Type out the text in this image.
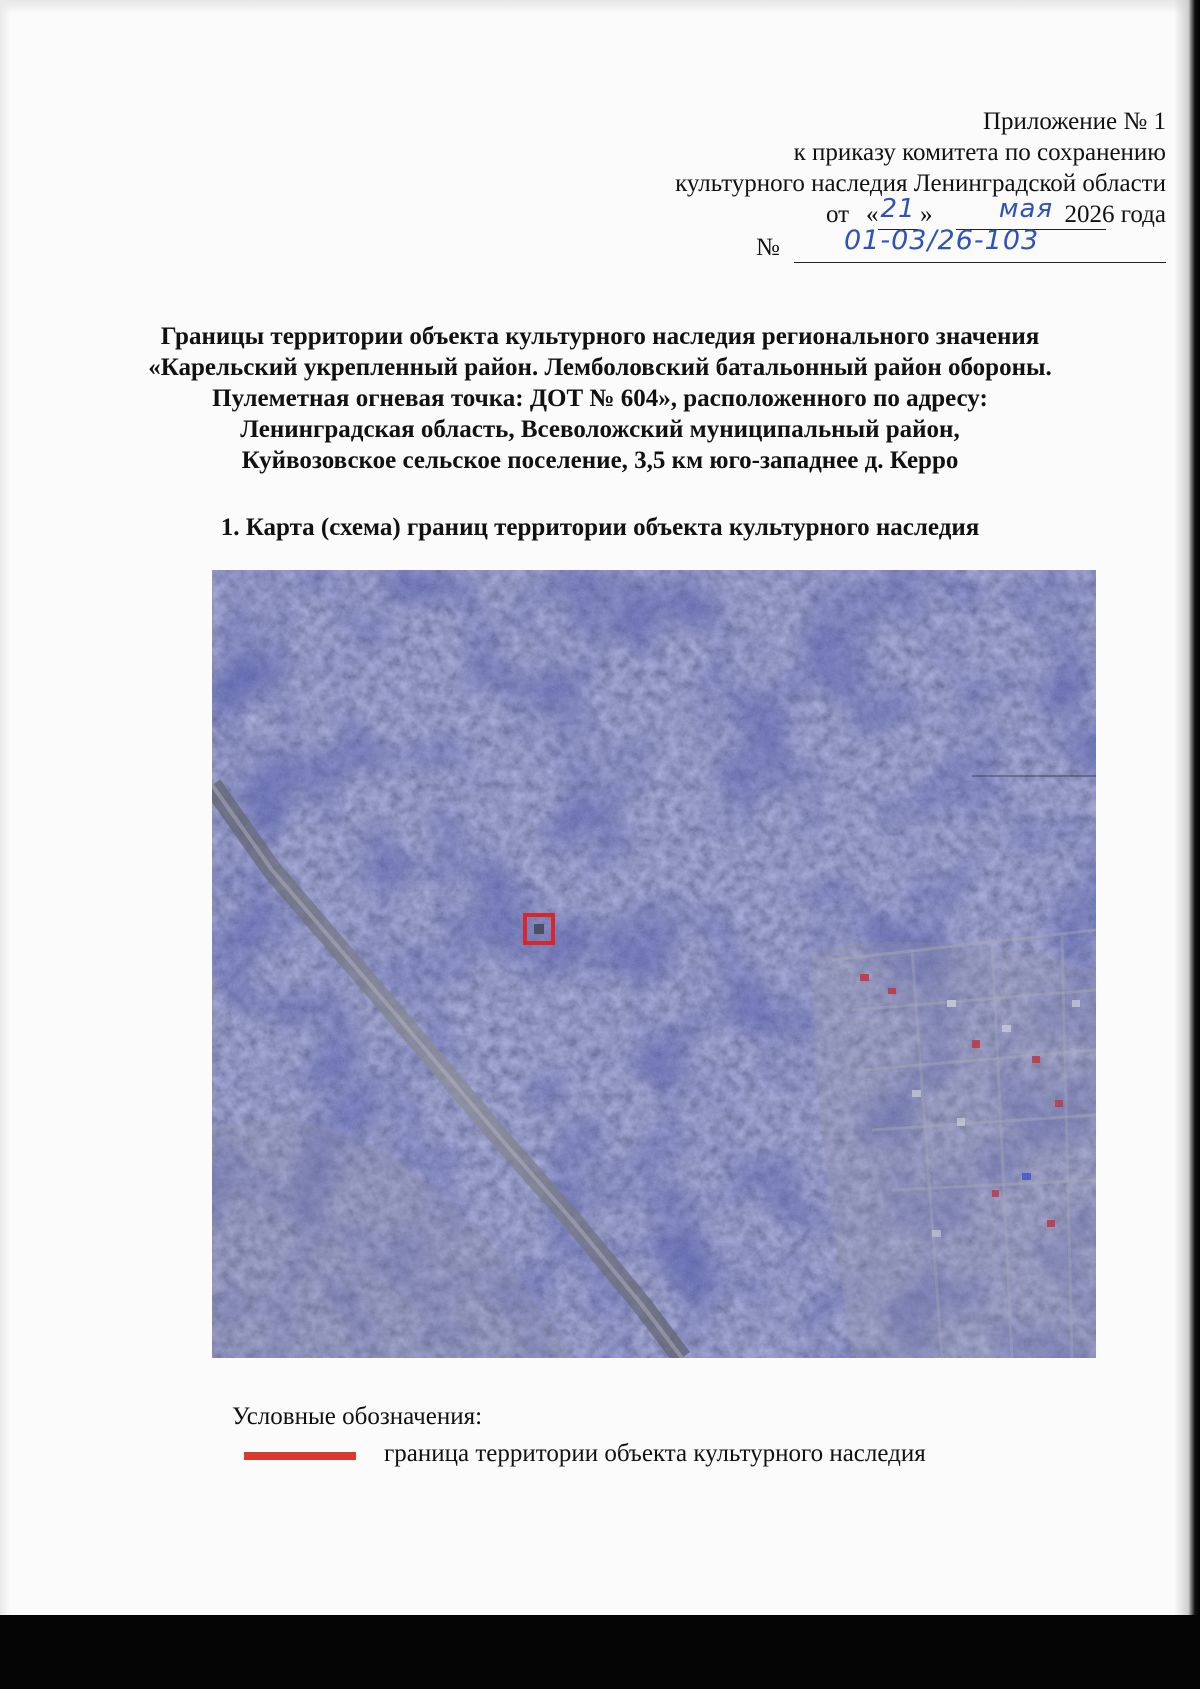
Приложение № 1
к приказу комитета по сохранению
культурного наследия Ленинградской области
от « 21 »	мая 2026 года
№ 01-03/26-103
Границы территории объекта культурного наследия регионального значения
«Карельский укрепленный район. Лемболовский батальонный район обороны.
Пулеметная огневая точка: ДОТ № 604», расположенного по адресу:
Ленинградская область, Всеволожский муниципальный район,
Куйвозовское сельское поселение, 3,5 км юго-западнее д. Керро
1. Карта (схема) границ территории объекта культурного наследия
Условные обозначения:
граница территории объекта культурного наследия
